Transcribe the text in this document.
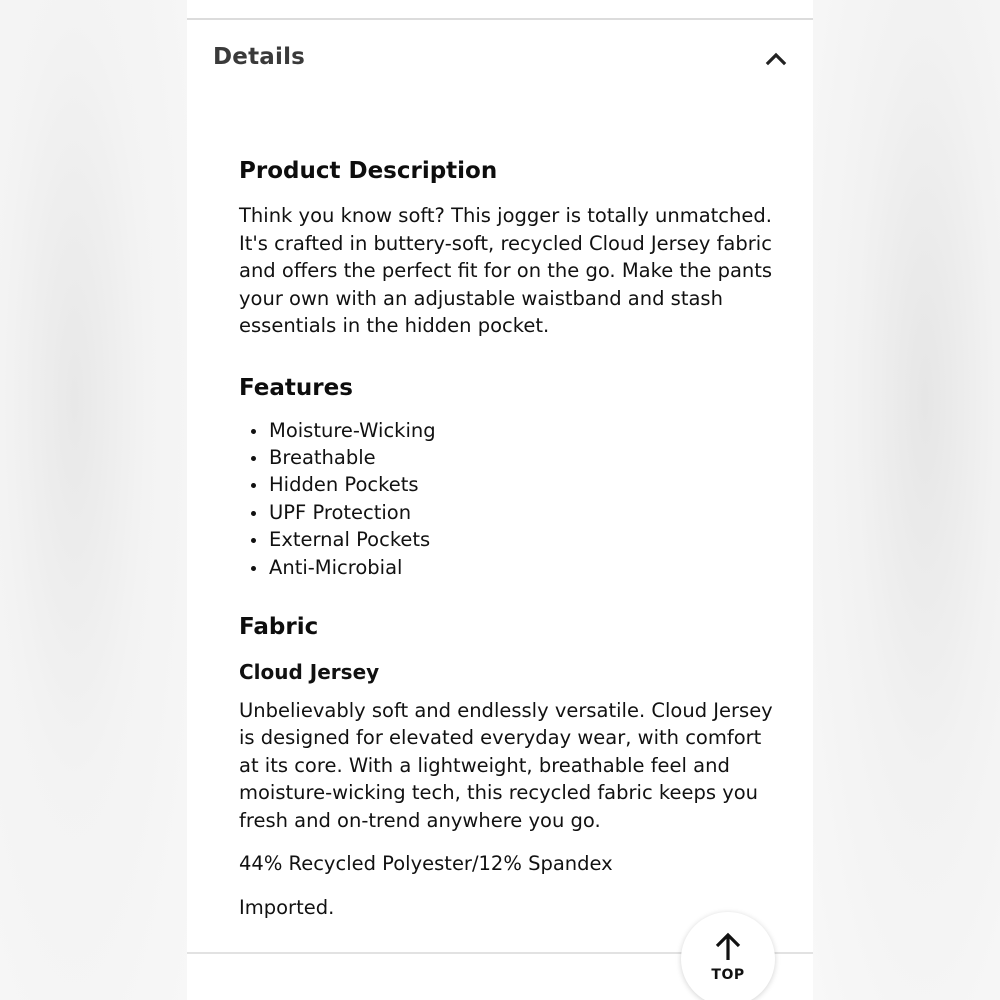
Details
Product Description

Think you know soft? This jogger is totally unmatched. It's crafted in buttery-soft, recycled Cloud Jersey fabric and offers the perfect fit for on the go. Make the pants your own with an adjustable waistband and stash essentials in the hidden pocket.

Features
Moisture-Wicking
Breathable
Hidden Pockets
UPF Protection
External Pockets
Anti-Microbial
Fabric
Cloud Jersey

Unbelievably soft and endlessly versatile. Cloud Jersey is designed for elevated everyday wear, with comfort at its core. With a lightweight, breathable feel and moisture-wicking tech, this recycled fabric keeps you fresh and on-trend anywhere you go.

44% Recycled Polyester/12% Spandex

Imported.

TOP
